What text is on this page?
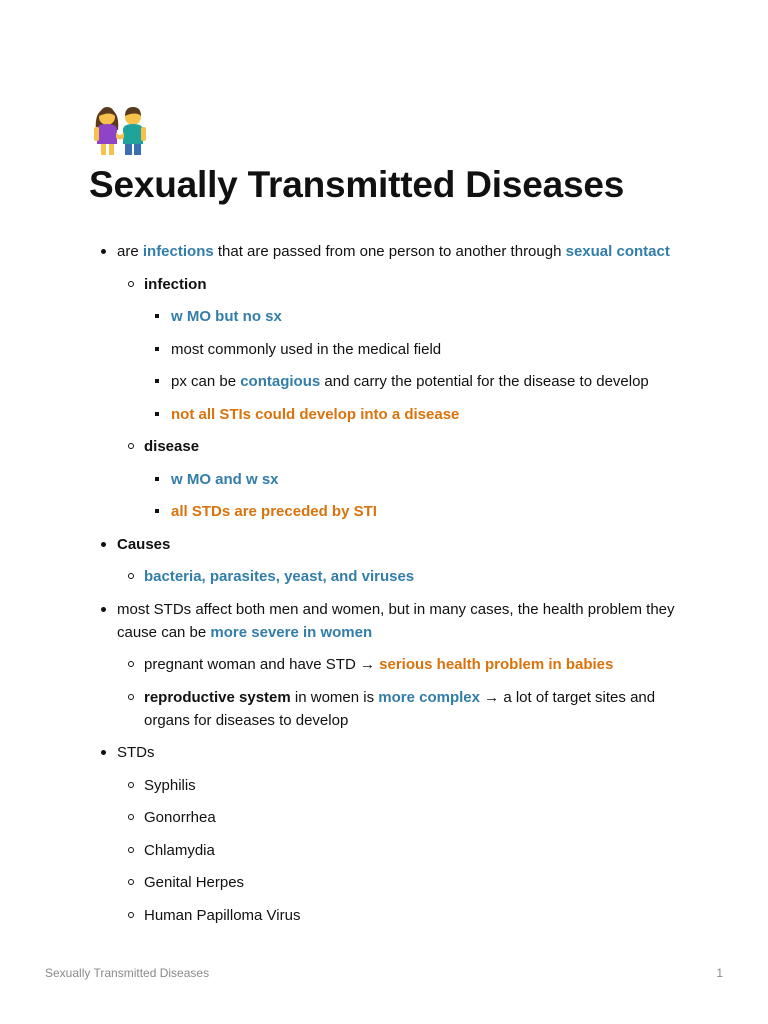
Sexually Transmitted Diseases
are infections that are passed from one person to another through sexual contact
infection
w MO but no sx
most commonly used in the medical field
px can be contagious and carry the potential for the disease to develop
not all STIs could develop into a disease
disease
w MO and w sx
all STDs are preceded by STI
Causes
bacteria, parasites, yeast, and viruses
most STDs affect both men and women, but in many cases, the health problem they cause can be more severe in women
pregnant woman and have STD → serious health problem in babies
reproductive system in women is more complex → a lot of target sites and organs for diseases to develop
STDs
Syphilis
Gonorrhea
Chlamydia
Genital Herpes
Human Papilloma Virus
Sexually Transmitted Diseases	1
